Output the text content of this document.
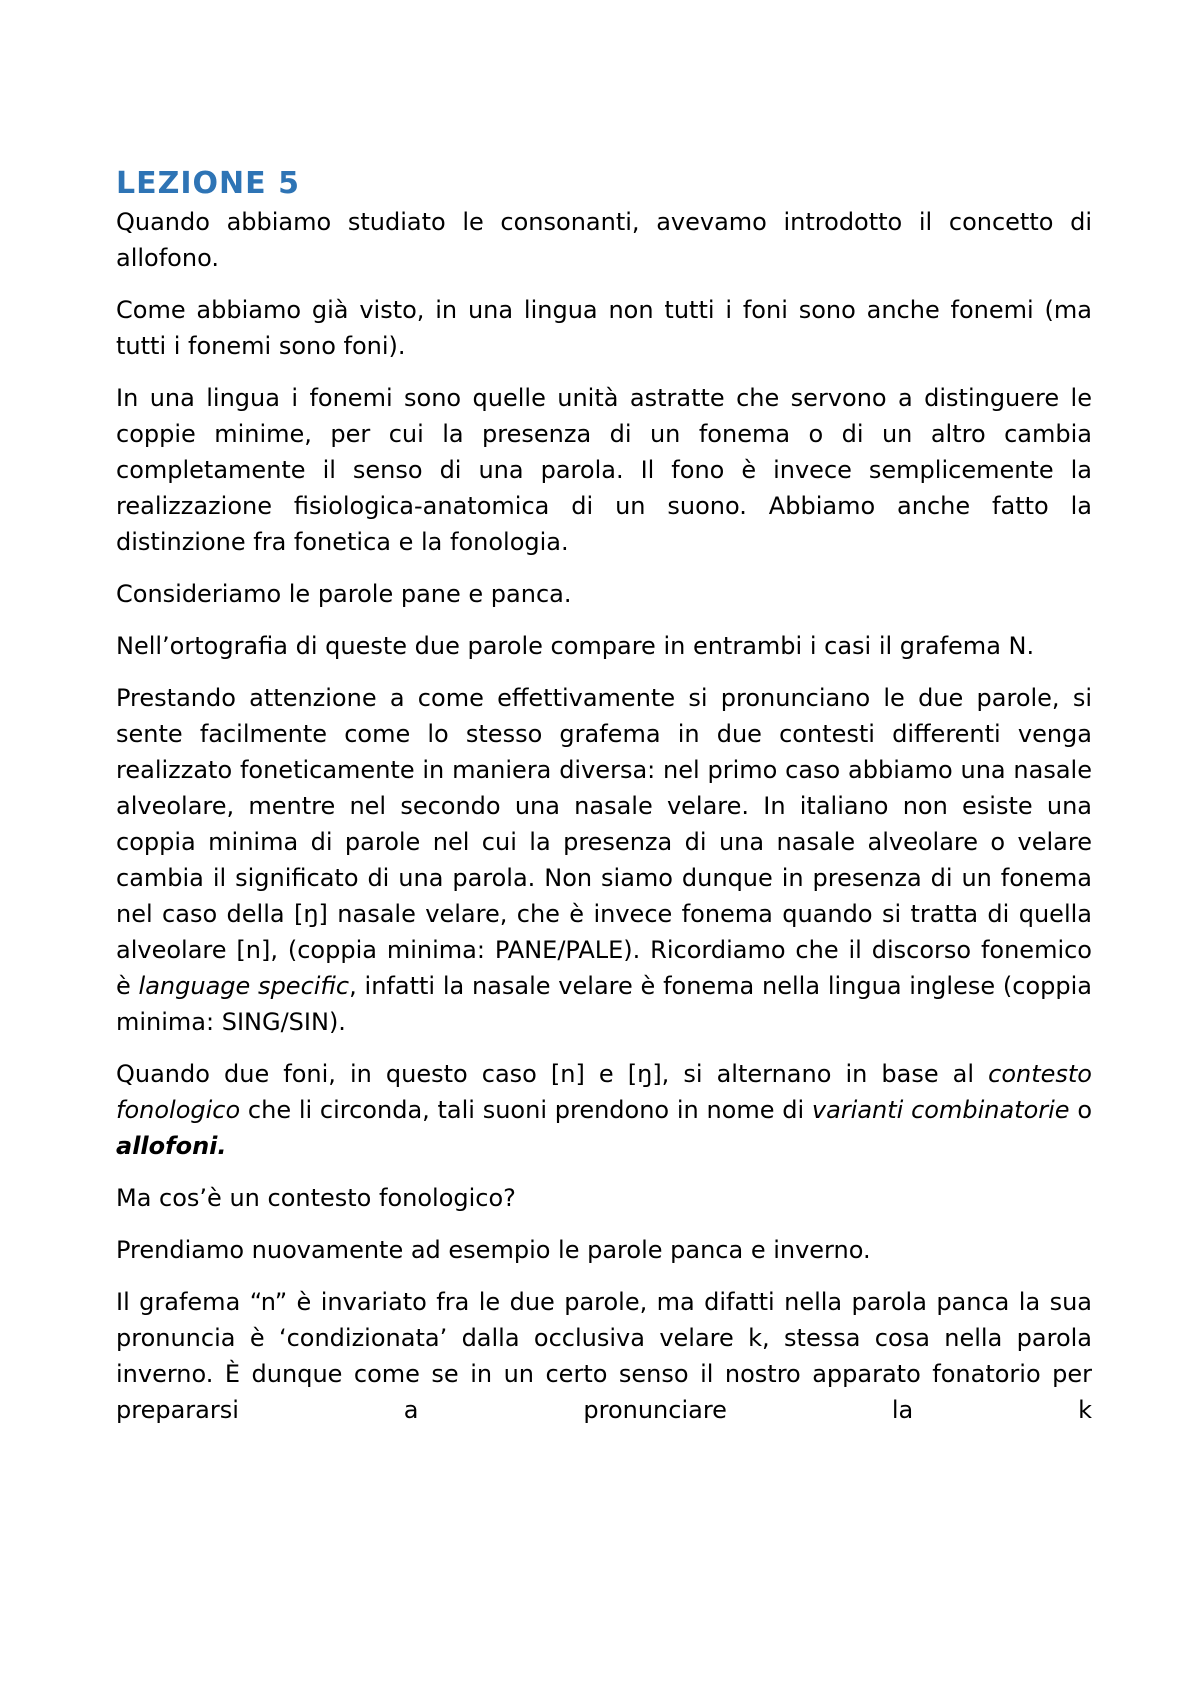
LEZIONE 5

Quando abbiamo studiato le consonanti, avevamo introdotto il concetto di allofono.

Come abbiamo già visto, in una lingua non tutti i foni sono anche fonemi (ma tutti i fonemi sono foni).

In una lingua i fonemi sono quelle unità astratte che servono a distinguere le coppie minime, per cui la presenza di un fonema o di un altro cambia completamente il senso di una parola. Il fono è invece semplicemente la realizzazione fisiologica-anatomica di un suono. Abbiamo anche fatto la distinzione fra fonetica e la fonologia.

Consideriamo le parole pane e panca.

Nell’ortografia di queste due parole compare in entrambi i casi il grafema N.

Prestando attenzione a come effettivamente si pronunciano le due parole, si sente facilmente come lo stesso grafema in due contesti differenti venga realizzato foneticamente in maniera diversa: nel primo caso abbiamo una nasale alveolare, mentre nel secondo una nasale velare. In italiano non esiste una coppia minima di parole nel cui la presenza di una nasale alveolare o velare cambia il significato di una parola. Non siamo dunque in presenza di un fonema nel caso della [ŋ] nasale velare, che è invece fonema quando si tratta di quella alveolare [n], (coppia minima: PANE/PALE). Ricordiamo che il discorso fonemico è language specific, infatti la nasale velare è fonema nella lingua inglese (coppia minima: SING/SIN).

Quando due foni, in questo caso [n] e [ŋ], si alternano in base al contesto fonologico che li circonda, tali suoni prendono in nome di varianti combinatorie o allofoni.

Ma cos’è un contesto fonologico?

Prendiamo nuovamente ad esempio le parole panca e inverno.

Il grafema “n” è invariato fra le due parole, ma difatti nella parola panca la sua pronuncia è ‘condizionata’ dalla occlusiva velare k, stessa cosa nella parola inverno. È dunque come se in un certo senso il nostro apparato fonatorio per prepararsi a pronunciare la k
